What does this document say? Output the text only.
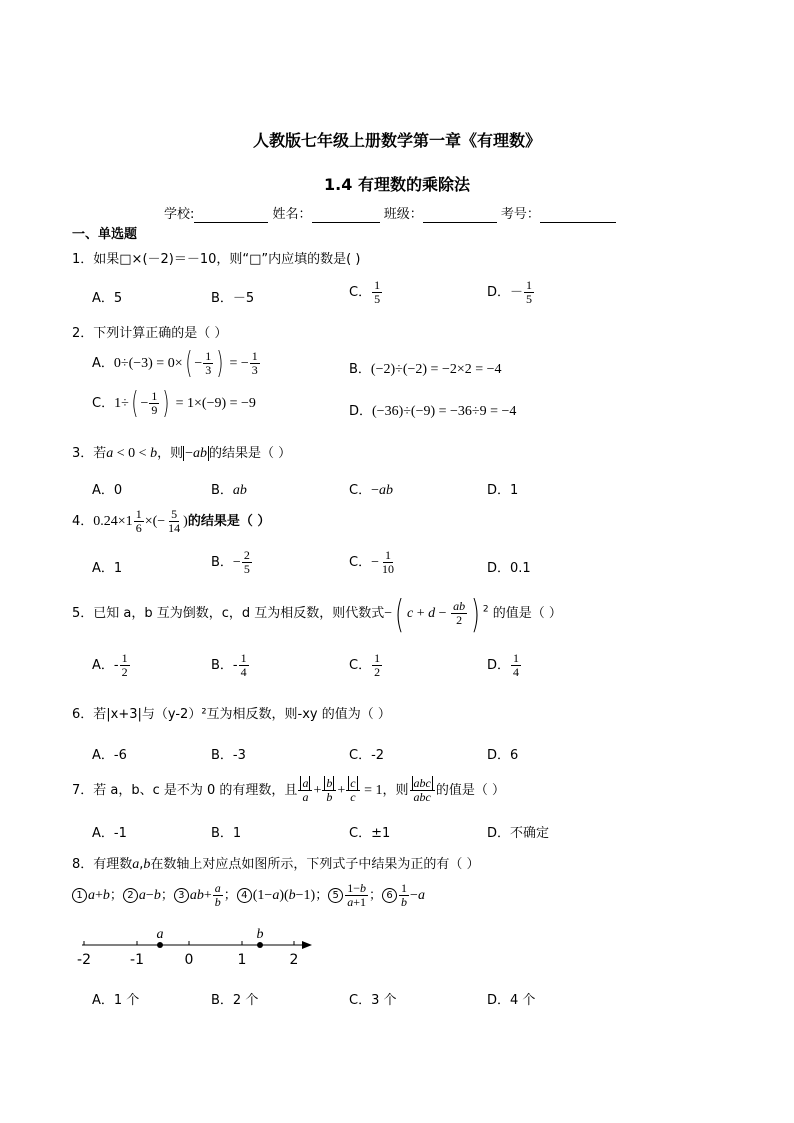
人教版七年级上册数学第一章《有理数》
1.4 有理数的乘除法
学校:	姓名：	班级：	考号：
一、单选题
1．如果□×(－2)＝－10，则“□”内应填的数是( )
A．5	B．－5	C． $\frac{1}{5}$	D．－ $\frac{1}{5}$
2．下列计算正确的是（ ）
A．$0\div(-3) = 0\times( - \frac{1}{3}$ ) = − $\frac{1}{3}$	B．(−2)÷(−2) = −2×2 = −4
C．$1\div( - \frac{1}{9}$ ) = 1×(−9) = −9
D．(−36)÷(−9) = −36÷9 = −4
3．若a < 0 < b，则 −ab 的结果是（ ）
A．0	B．ab	C．−ab	D．1
4．$0.24\times 1 \frac{1}{6}$ ×(− $\frac{5}{14}$ )的结果是（ ）
A．1	B．− $\frac{2}{5}$	C．− $\frac{1}{10}$	D．0.1
5．已知 a，b 互为倒数，c，d 互为相反数，则代数式−( $c + d - \frac{ab}{2}$ ) $^2$ 的值是（ ）
A．- $\frac{1}{2}$	B．- $\frac{1}{4}$	C． $\frac{1}{2}$	D． $\frac{1}{4}$
6．若|x+3|与（y-2）²互为相反数，则-xy 的值为（ ）
A．-6	B．-3	C．-2	D．6
7．若 a，b、c 是不为 0 的有理数，且 $\frac{a}{a} + \frac{b}{b} + \frac{c}{c} = 1$，则 $\frac{\text{abc}}{\text{abc}}$ 的值是（ ）
A．-1	B．1	C．±1	D．不确定
8．有理数a,b在数轴上对应点如图所示，下列式子中结果为正的有（ ）
1 a+b； 2 a−b； 3 $ab+ \frac{a}{b}$ ； 4 (1−a)(b−1)； $5 \frac{1-b}{a+1}$ ； $6 \frac{1}{b} -a$
a	b
-2	-1	0	1	2
A．1 个	B．2 个	C．3 个	D．4 个
